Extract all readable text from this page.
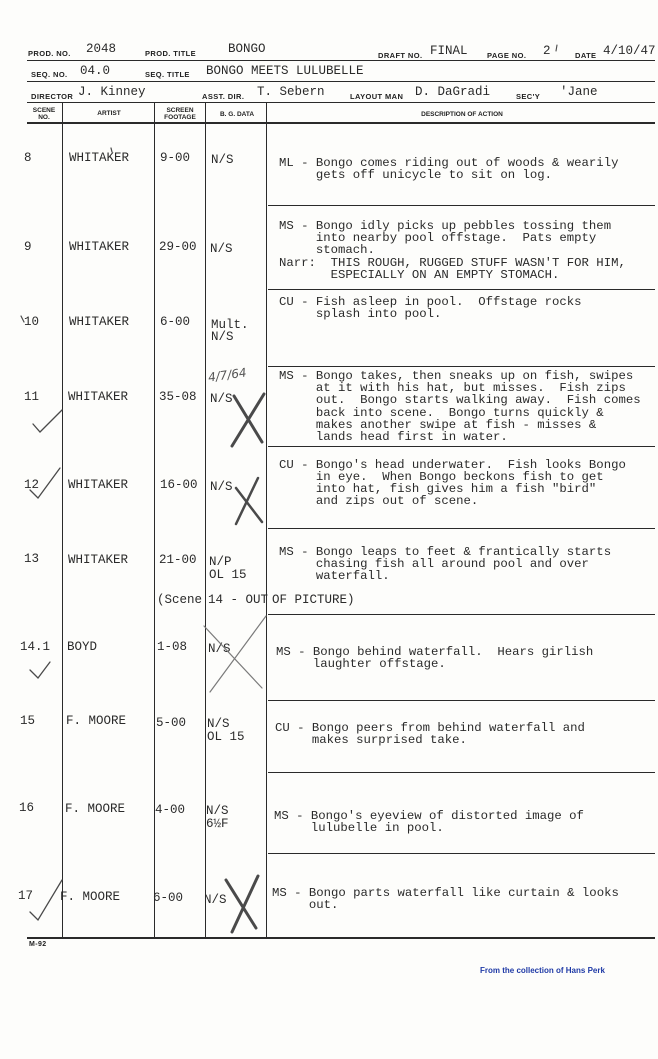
PROD. NO. 2048	PROD. TITLE	BONGO	DRAFT NO. FINAL	PAGE NO. 2	DATE 4/10/47
SEQ. NO. 04.0	SEQ. TITLE BONGO MEETS LULUBELLE
DIRECTOR J. Kinney	ASST. DIR. T. Sebern	LAYOUT MAN D. DaGradi	SEC'Y 'Jane
SCENE NO.
ARTIST	SCREEN FOOTAGE	B. G. DATA	DESCRIPTION OF ACTION
8	WHITAKER 9-00 N/S	ML - Bongo comes riding out of woods & wearily
gets off unicycle to sit on log.
9	WHITAKER 29-00 N/S
MS - Bongo idly picks up pebbles tossing them
into nearby pool offstage.  Pats empty
stomach.
Narr:  THIS ROUGH, RUGGED STUFF WASN'T FOR HIM,
ESPECIALLY ON AN EMPTY STOMACH.
10 WHITAKER 6-00 Mult.
N/S
CU - Fish asleep in pool.  Offstage rocks
splash into pool.
11 WHITAKER 35-08 N/S
4/7/64	MS - Bongo takes, then sneaks up on fish, swipes
at it with his hat, but misses.  Fish zips
out.  Bongo starts walking away.  Fish comes
back into scene.  Bongo turns quickly &
makes another swipe at fish - misses &
lands head first in water.
12 WHITAKER	16-00 N/S
CU - Bongo's head underwater.  Fish looks Bongo
in eye.  When Bongo beckons fish to get
into hat, fish gives him a fish "bird"
and zips out of scene.
13 WHITAKER 21-00 N/P
OL 15
MS - Bongo leaps to feet & frantically starts
chasing fish all around pool and over
waterfall.
(Scene 14 - OUT OF PICTURE)
14.1 BOYD	1-08 N/S	MS - Bongo behind waterfall.  Hears girlish
laughter offstage.
15 F. MOORE 5-00 N/S
OL 15
CU - Bongo peers from behind waterfall and
makes surprised take.
16 F. MOORE 4-00 N/S
6½F
MS - Bongo's eyeview of distorted image of
lulubelle in pool.
17 F. MOORE	6-00 N/S	MS - Bongo parts waterfall like curtain & looks
out.
M-92
From the collection of Hans Perk
